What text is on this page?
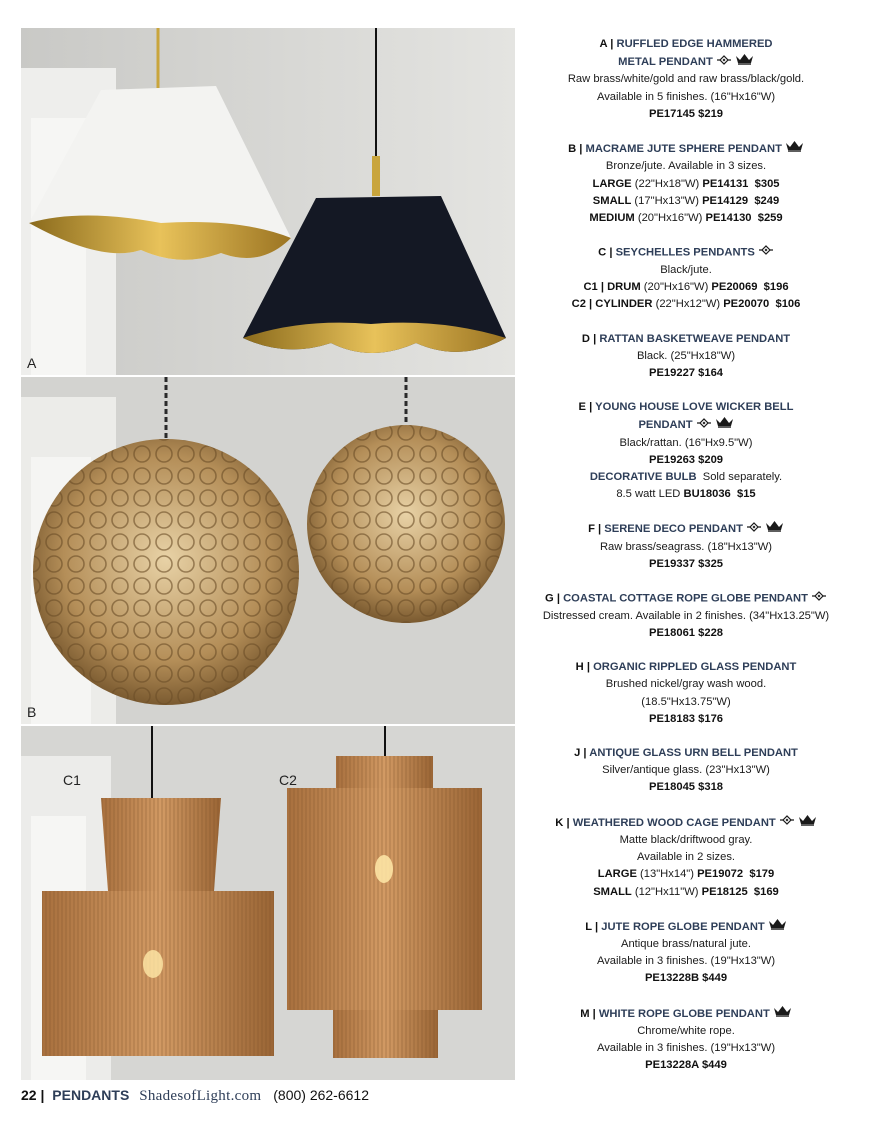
A
B
C1	C2
A | RUFFLED EDGE HAMMERED
METAL PENDANT
Raw brass/white/gold and raw brass/black/gold.
Available in 5 finishes. (16"Hx16"W)
PE17145 $219
B | MACRAME JUTE SPHERE PENDANT
Bronze/jute. Available in 3 sizes.
LARGE (22"Hx18"W) PE14131  $305
SMALL (17"Hx13"W) PE14129  $249
MEDIUM (20"Hx16"W) PE14130  $259
C | SEYCHELLES PENDANTS
Black/jute.
C1 | DRUM (20"Hx16"W) PE20069  $196
C2 | CYLINDER (22"Hx12"W) PE20070  $106
D | RATTAN BASKETWEAVE PENDANT
Black. (25"Hx18"W)
PE19227 $164
E | YOUNG HOUSE LOVE WICKER BELL
PENDANT
Black/rattan. (16"Hx9.5"W)
PE19263 $209
DECORATIVE BULB  Sold separately.
8.5 watt LED BU18036  $15
F | SERENE DECO PENDANT
Raw brass/seagrass. (18"Hx13"W)
PE19337 $325
G | COASTAL COTTAGE ROPE GLOBE PENDANT
Distressed cream. Available in 2 finishes. (34"Hx13.25"W)
PE18061 $228
H | ORGANIC RIPPLED GLASS PENDANT
Brushed nickel/gray wash wood.
(18.5"Hx13.75"W)
PE18183 $176
J | ANTIQUE GLASS URN BELL PENDANT
Silver/antique glass. (23"Hx13"W)
PE18045 $318
K | WEATHERED WOOD CAGE PENDANT
Matte black/driftwood gray.
Available in 2 sizes.
LARGE (13"Hx14") PE19072  $179
SMALL (12"Hx11"W) PE18125  $169
L | JUTE ROPE GLOBE PENDANT
Antique brass/natural jute.
Available in 3 finishes. (19"Hx13"W)
PE13228B $449
M | WHITE ROPE GLOBE PENDANT
Chrome/white rope.
Available in 3 finishes. (19"Hx13"W)
PE13228A $449
22 | PENDANTS ShadesofLight.com (800) 262-6612
